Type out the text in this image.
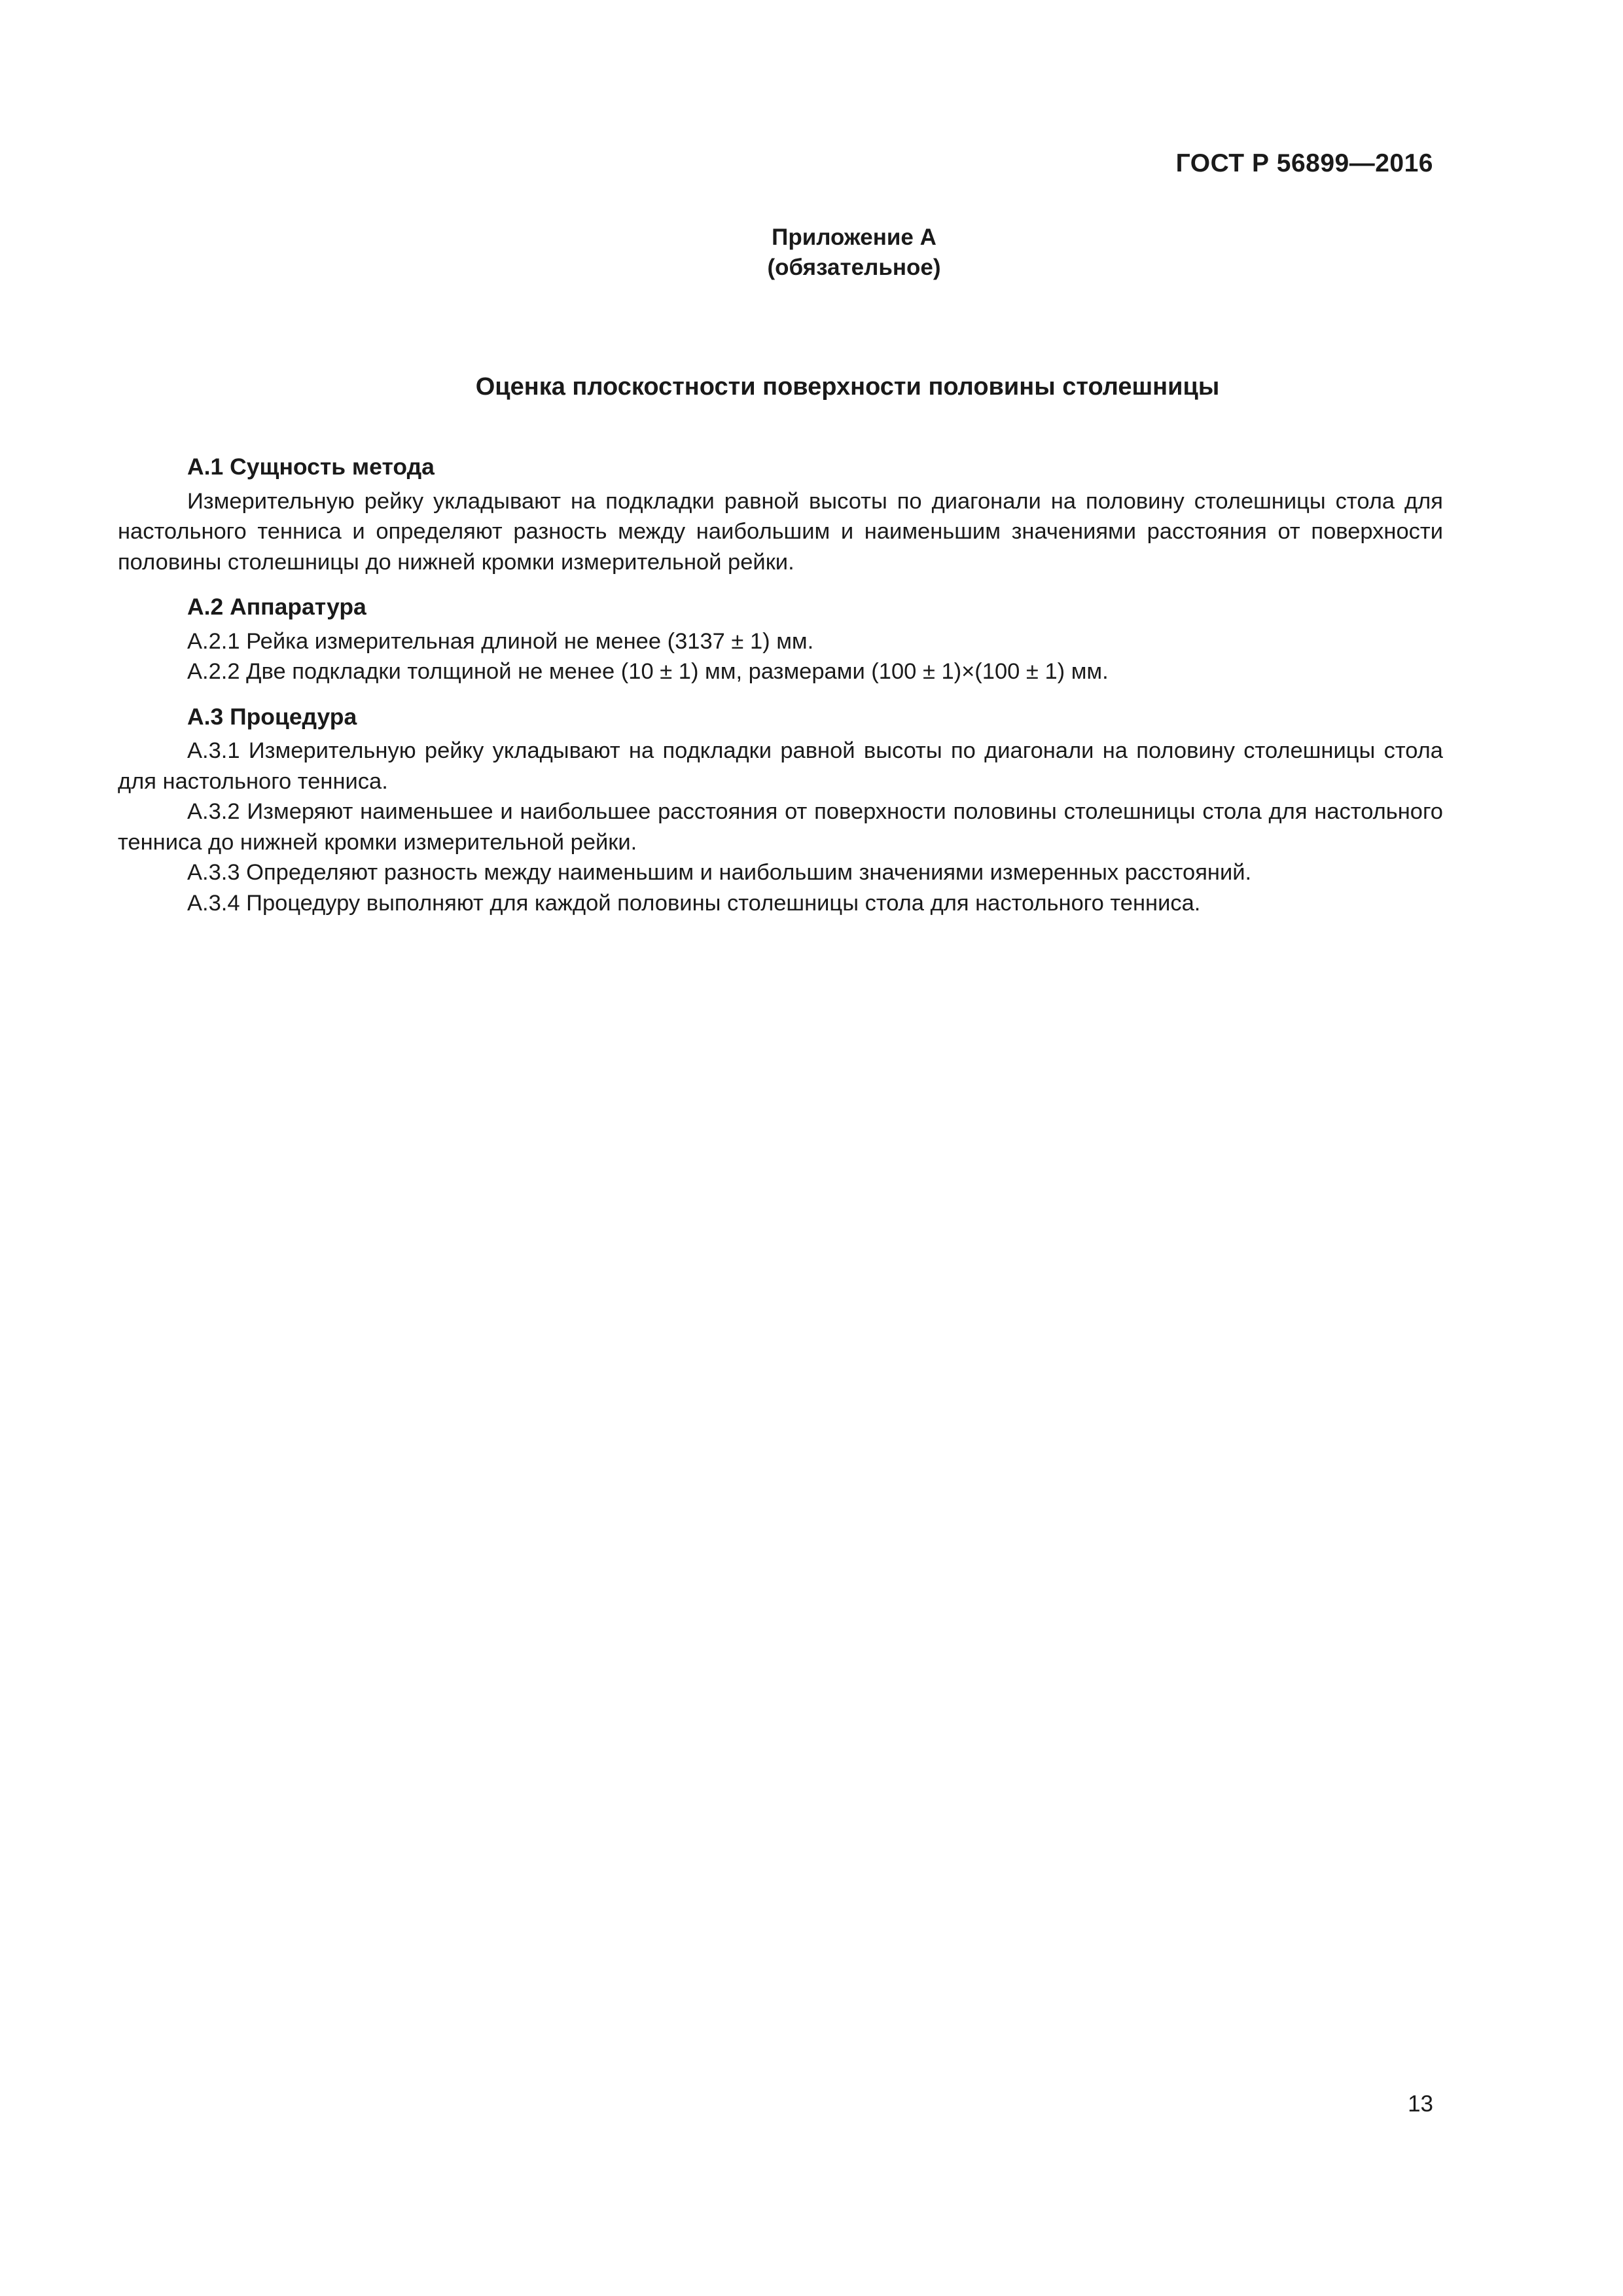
ГОСТ Р 56899—2016
Приложение А
(обязательное)
Оценка плоскостности поверхности половины столешницы
А.1 Сущность метода

Измерительную рейку укладывают на подкладки равной высоты по диагонали на половину столешницы стола для настольного тенниса и определяют разность между наибольшим и наименьшим значениями расстояния от поверхности половины столешницы до нижней кромки измерительной рейки.

А.2 Аппаратура

А.2.1 Рейка измерительная длиной не менее (3137 ± 1) мм.

А.2.2 Две подкладки толщиной не менее (10 ± 1) мм, размерами (100 ± 1)×(100 ± 1) мм.

А.3 Процедура

А.3.1 Измерительную рейку укладывают на подкладки равной высоты по диагонали на половину столешницы стола для настольного тенниса.

А.3.2 Измеряют наименьшее и наибольшее расстояния от поверхности половины столешницы стола для настольного тенниса до нижней кромки измерительной рейки.

А.3.3 Определяют разность между наименьшим и наибольшим значениями измеренных расстояний.

А.3.4 Процедуру выполняют для каждой половины столешницы стола для настольного тенниса.

13
